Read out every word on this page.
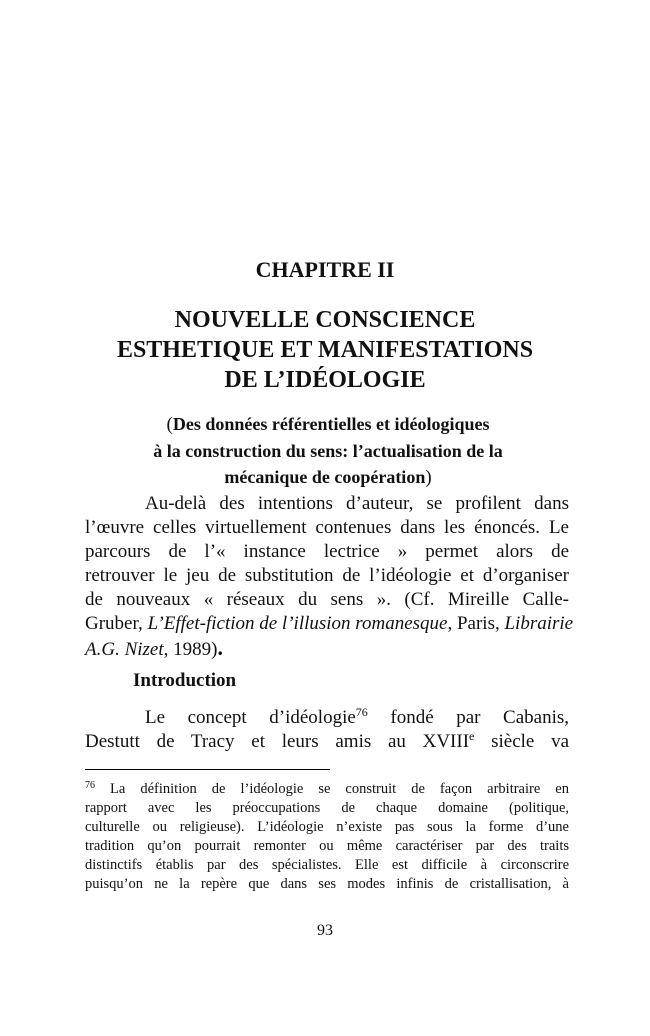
CHAPITRE II
NOUVELLE CONSCIENCE
ESTHETIQUE ET MANIFESTATIONS
DE L’IDÉOLOGIE
(Des données référentielles et idéologiques
à la construction du sens: l’actualisation de la
mécanique de coopération)
Au-delà des intentions d’auteur, se profilent dans
l’œuvre celles virtuellement contenues dans les énoncés. Le
parcours de l’« instance lectrice » permet alors de
retrouver le jeu de substitution de l’idéologie et d’organiser
de nouveaux « réseaux du sens ». (Cf. Mireille Calle-
Gruber, L’Effet-fiction de l’illusion romanesque, Paris, Librairie
A.G. Nizet, 1989).
Introduction
Le concept d’idéologie$^{76}$ fondé par Cabanis,
Destutt de Tracy et leurs amis au XVIIIe siècle va
$^{76}$ La définition de l’idéologie se construit de façon arbitraire en
rapport avec les préoccupations de chaque domaine (politique,
culturelle ou religieuse). L’idéologie n’existe pas sous la forme d’une
tradition qu’on pourrait remonter ou même caractériser par des traits
distinctifs établis par des spécialistes. Elle est difficile à circonscrire
puisqu’on ne la repère que dans ses modes infinis de cristallisation, à
93
